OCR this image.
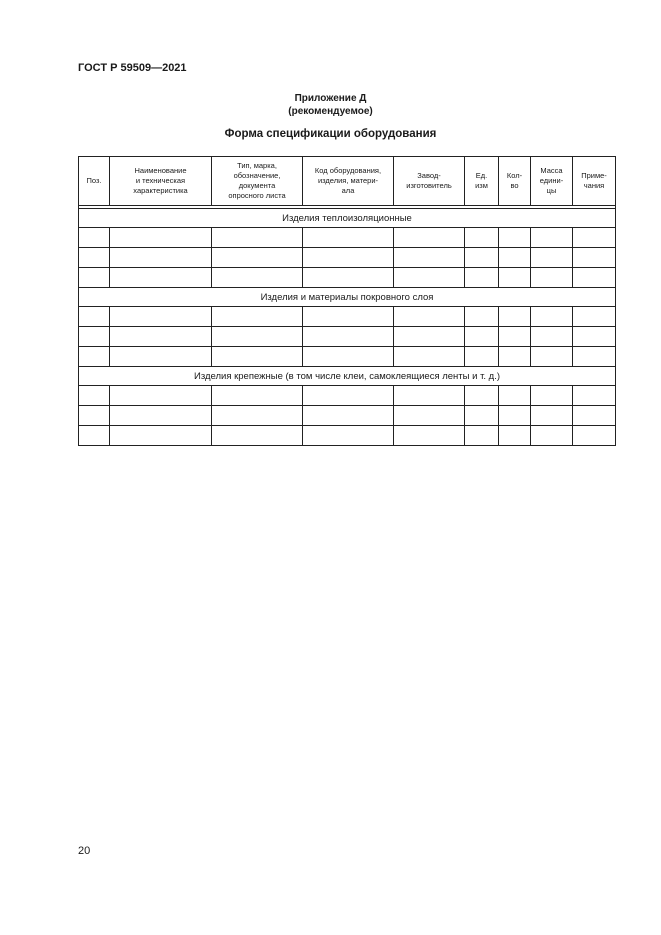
ГОСТ Р 59509—2021
Приложение Д
(рекомендуемое)
Форма спецификации оборудования
Поз.	Наименование
и техническая
характеристика	Тип, марка,
обозначение,
документа
опросного листа	Код оборудования,
изделия, матери-
ала	Завод-
изготовитель	Ед.
изм	Кол-
во	Масса
едини-
цы	Приме-
чания

Изделия теплоизоляционные								

Изделия и материалы покровного слоя								

Изделия крепежные (в том числе клеи, самоклеящиеся ленты и т. д.)								

20
